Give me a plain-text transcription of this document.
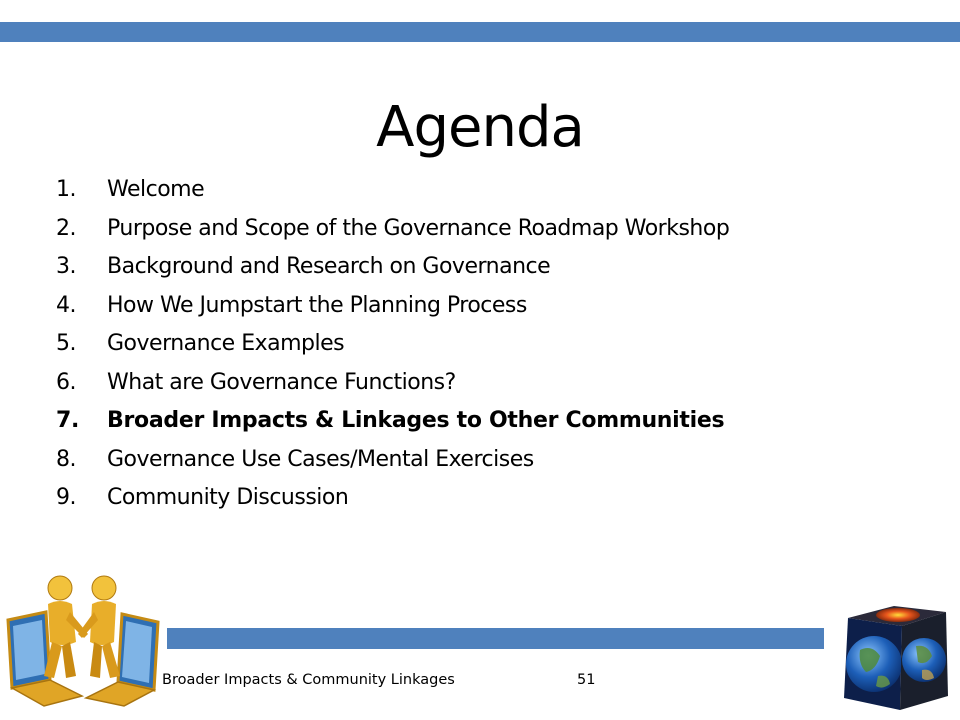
Agenda
1. Welcome
2. Purpose and Scope of the Governance Roadmap Workshop
3. Background and Research on Governance
4. How We Jumpstart the Planning Process
5. Governance Examples
6. What are Governance Functions?
7. Broader Impacts & Linkages to Other Communities
8. Governance Use Cases/Mental Exercises
9. Community Discussion
Broader Impacts & Community Linkages	51
